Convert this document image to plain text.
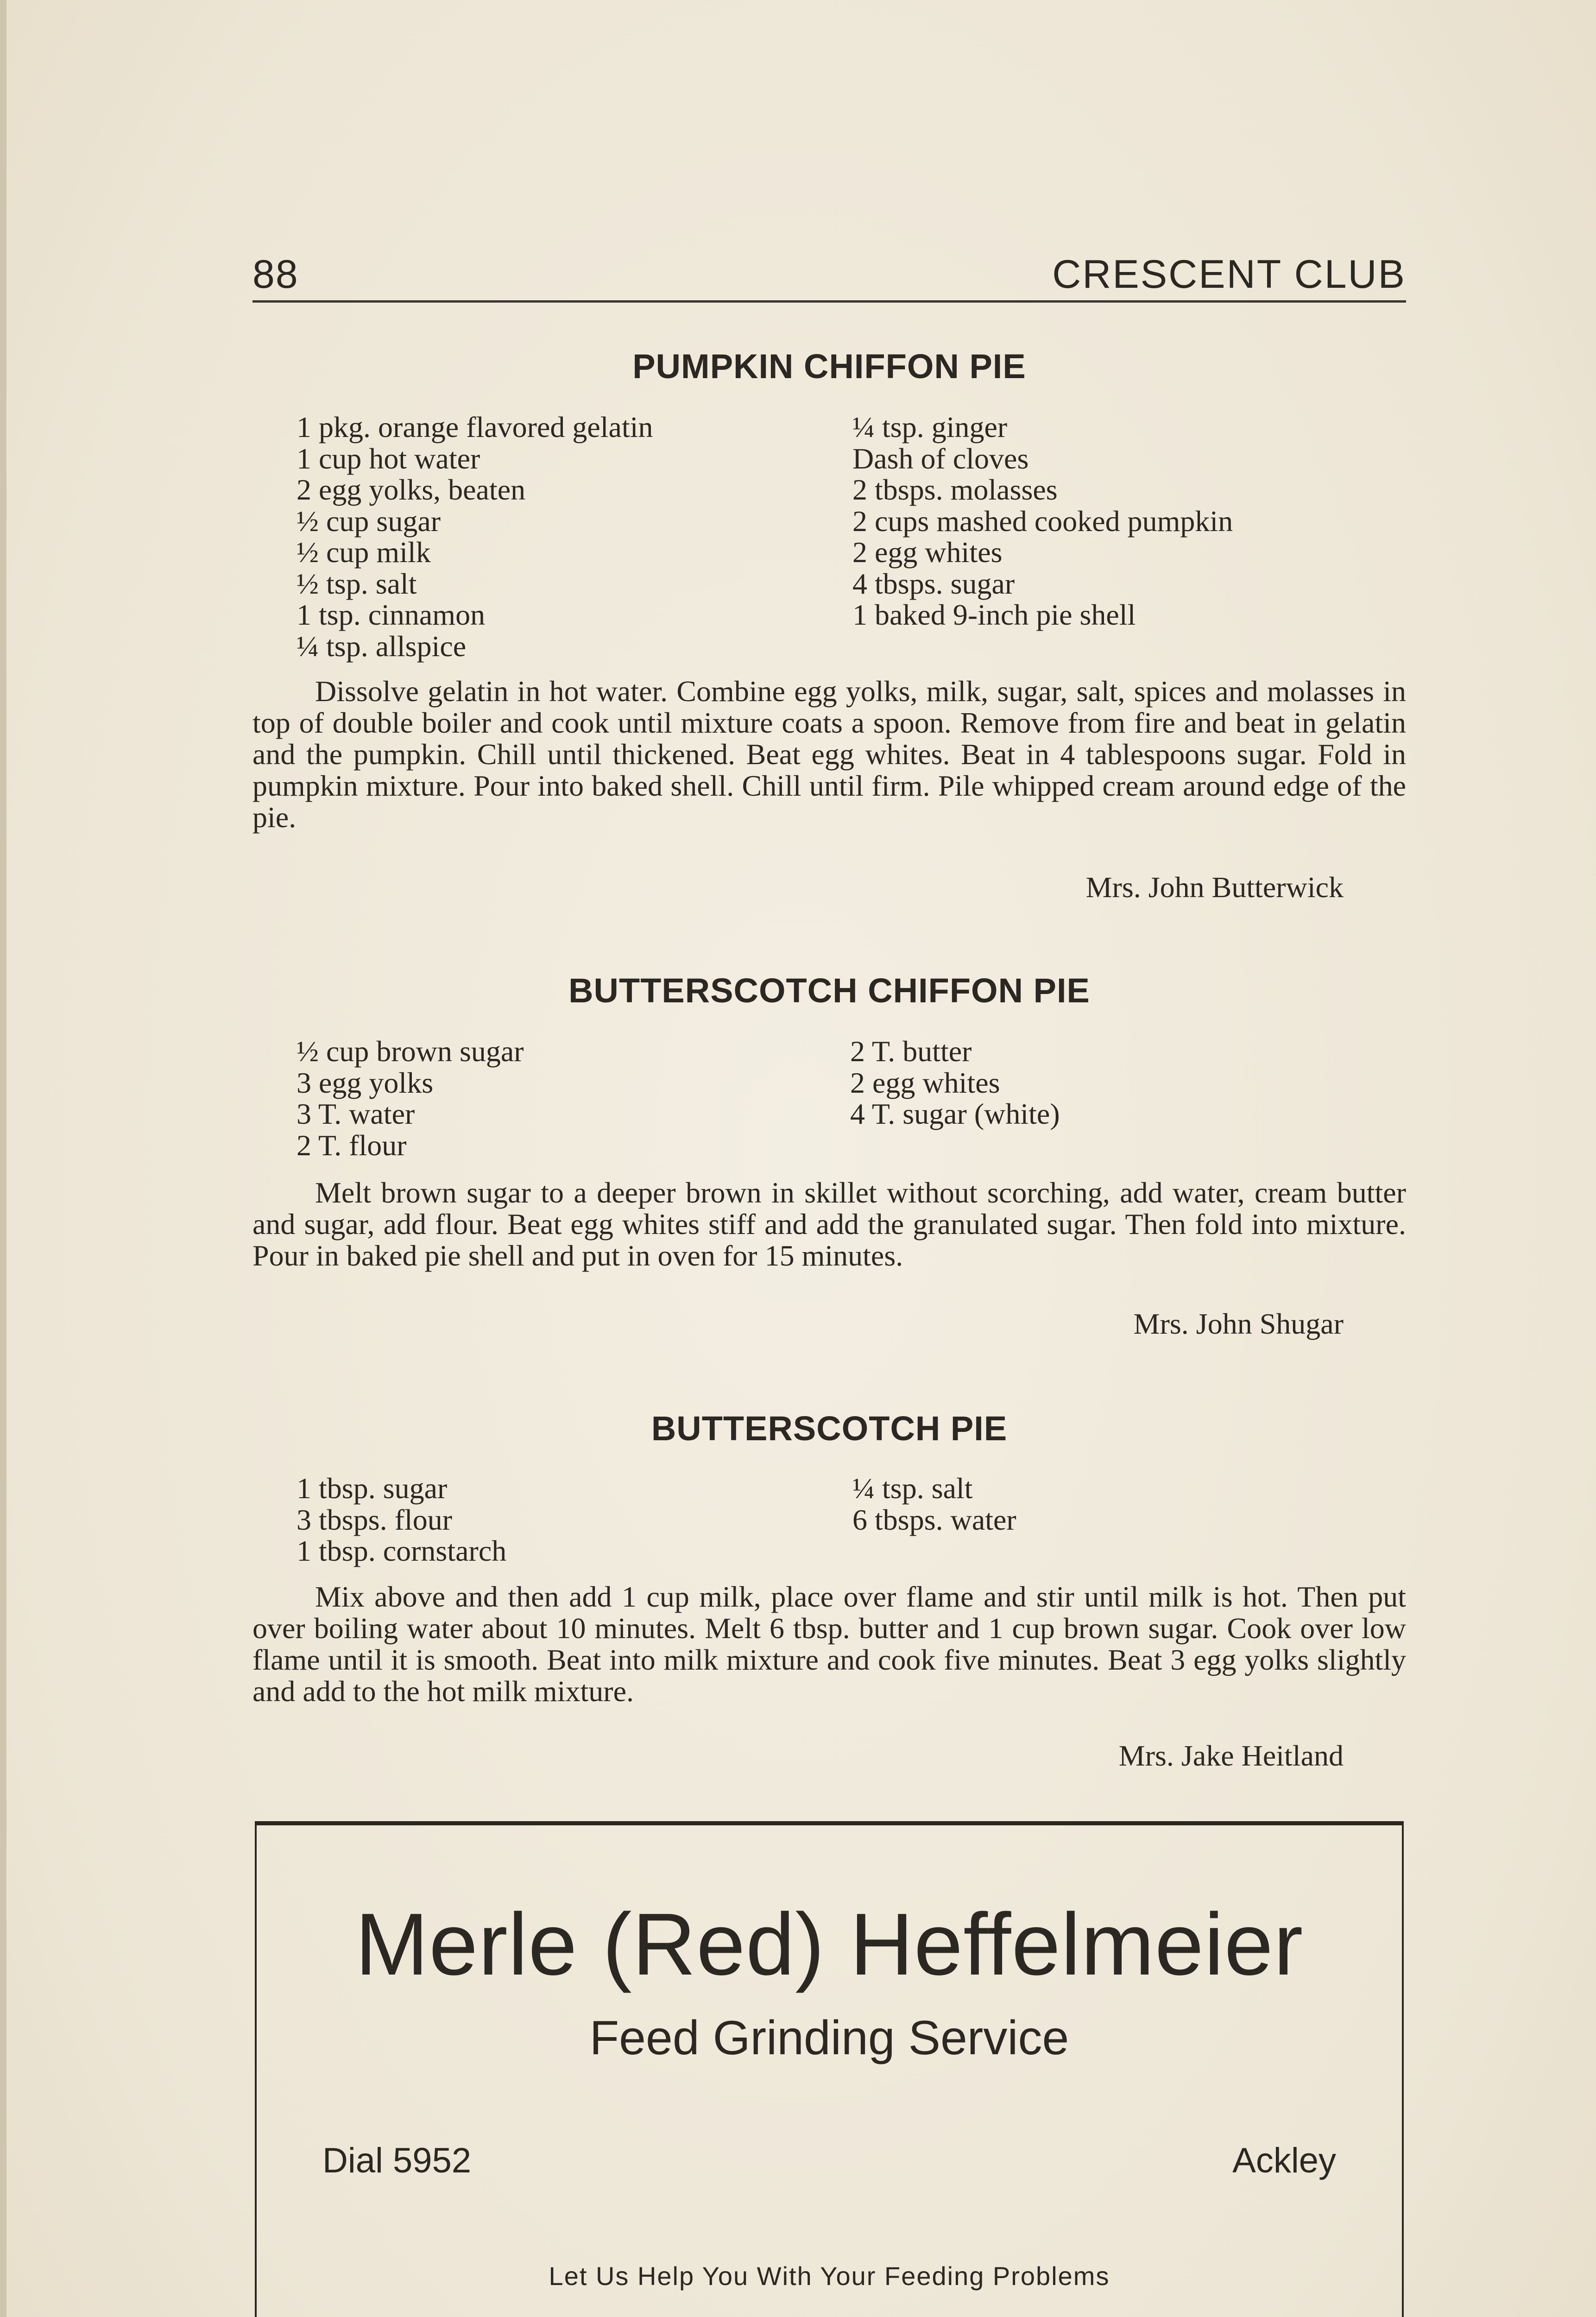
88	CRESCENT CLUB
PUMPKIN CHIFFON PIE
1 pkg. orange flavored gelatin
1 cup hot water
2 egg yolks, beaten
½ cup sugar
½ cup milk
½ tsp. salt
1 tsp. cinnamon
¼ tsp. allspice
¼ tsp. ginger
Dash of cloves
2 tbsps. molasses
2 cups mashed cooked pumpkin
2 egg whites
4 tbsps. sugar
1 baked 9-inch pie shell
Dissolve gelatin in hot water. Combine egg yolks, milk, sugar, salt, spices and molasses in top of double boiler and cook until mixture coats a spoon. Remove from fire and beat in gelatin and the pumpkin. Chill until thickened. Beat egg whites. Beat in 4 tablespoons sugar. Fold in pumpkin mixture. Pour into baked shell. Chill until firm. Pile whipped cream around edge of the pie.
Mrs. John Butterwick
BUTTERSCOTCH CHIFFON PIE
½ cup brown sugar
3 egg yolks
3 T. water
2 T. flour
2 T. butter
2 egg whites
4 T. sugar (white)
Melt brown sugar to a deeper brown in skillet without scorching, add water, cream butter and sugar, add flour. Beat egg whites stiff and add the granulated sugar. Then fold into mixture. Pour in baked pie shell and put in oven for 15 minutes.
Mrs. John Shugar
BUTTERSCOTCH PIE
1 tbsp. sugar
3 tbsps. flour
1 tbsp. cornstarch
¼ tsp. salt
6 tbsps. water
Mix above and then add 1 cup milk, place over flame and stir until milk is hot. Then put over boiling water about 10 minutes. Melt 6 tbsp. butter and 1 cup brown sugar. Cook over low flame until it is smooth. Beat into milk mixture and cook five minutes. Beat 3 egg yolks slightly and add to the hot milk mixture.
Mrs. Jake Heitland
Merle (Red) Heffelmeier
Feed Grinding Service
Dial 5952	Ackley
Let Us Help You With Your Feeding Problems
